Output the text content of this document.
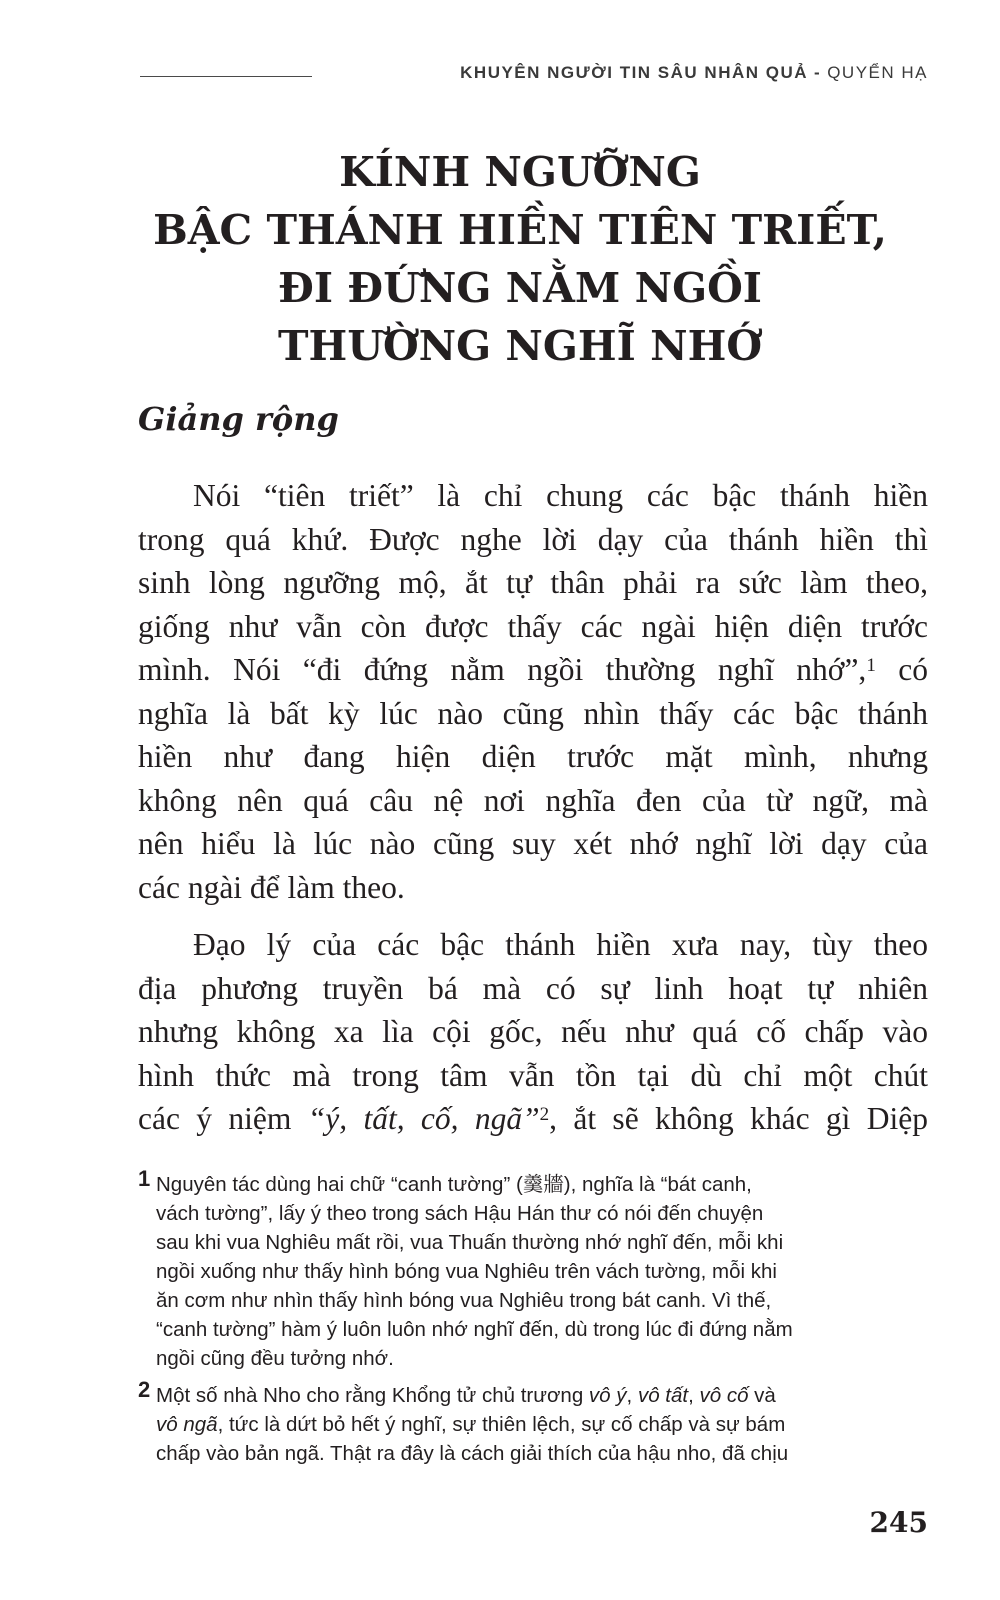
KHUYÊN NGƯỜI TIN SÂU NHÂN QUẢ - QUYỂN HẠ
KÍNH NGƯỠNG
BẬC THÁNH HIỀN TIÊN TRIẾT,
ĐI ĐỨNG NẰM NGỒI
THƯỜNG NGHĨ NHỚ
Giảng rộng
Nói “tiên triết” là chỉ chung các bậc thánh hiền
trong quá khứ. Được nghe lời dạy của thánh hiền thì
sinh lòng ngưỡng mộ, ắt tự thân phải ra sức làm theo,
giống như vẫn còn được thấy các ngài hiện diện trước
mình. Nói “đi đứng nằm ngồi thường nghĩ nhớ”,$^1$ có
nghĩa là bất kỳ lúc nào cũng nhìn thấy các bậc thánh
hiền như đang hiện diện trước mặt mình, nhưng
không nên quá câu nệ nơi nghĩa đen của từ ngữ, mà
nên hiểu là lúc nào cũng suy xét nhớ nghĩ lời dạy của
các ngài để làm theo.
Đạo lý của các bậc thánh hiền xưa nay, tùy theo
địa phương truyền bá mà có sự linh hoạt tự nhiên
nhưng không xa lìa cội gốc, nếu như quá cố chấp vào
hình thức mà trong tâm vẫn tồn tại dù chỉ một chút
các ý niệm “ý, tất, cố, ngã”$^2$, ắt sẽ không khác gì Diệp
1 Nguyên tác dùng hai chữ “canh tường” (羹牆), nghĩa là “bát canh,
vách tường”, lấy ý theo trong sách Hậu Hán thư có nói đến chuyện
sau khi vua Nghiêu mất rồi, vua Thuấn thường nhớ nghĩ đến, mỗi khi
ngồi xuống như thấy hình bóng vua Nghiêu trên vách tường, mỗi khi
ăn cơm như nhìn thấy hình bóng vua Nghiêu trong bát canh. Vì thế,
“canh tường” hàm ý luôn luôn nhớ nghĩ đến, dù trong lúc đi đứng nằm
ngồi cũng đều tưởng nhớ.
2 Một số nhà Nho cho rằng Khổng tử chủ trương vô ý, vô tất, vô cố và
vô ngã, tức là dứt bỏ hết ý nghĩ, sự thiên lệch, sự cố chấp và sự bám
chấp vào bản ngã. Thật ra đây là cách giải thích của hậu nho, đã chịu
245
